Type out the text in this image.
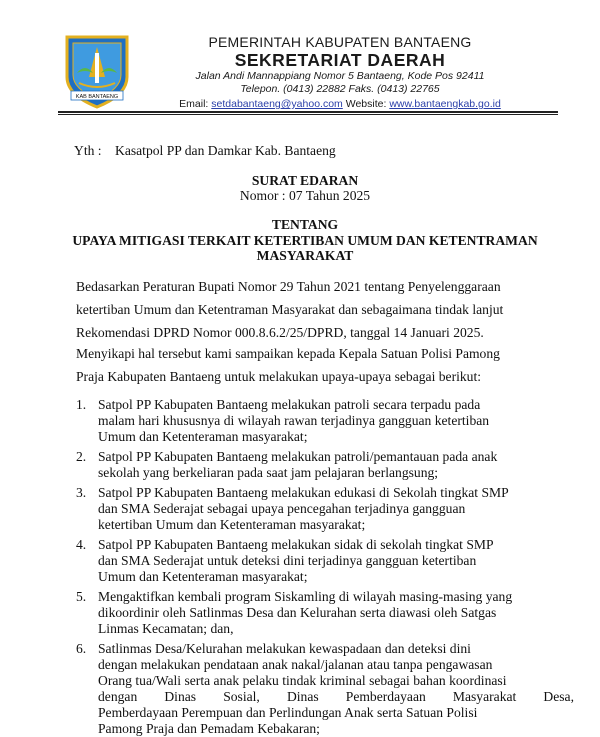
KAB BANTAENG
PEMERINTAH KABUPATEN BANTAENG
SEKRETARIAT DAERAH
Jalan Andi Mannappiang Nomor 5 Bantaeng, Kode Pos 92411
Telepon. (0413) 22882 Faks. (0413) 22765
Email: setdabantaeng@yahoo.com Website: www.bantaengkab.go.id
Yth : Kasatpol PP dan Damkar Kab. Bantaeng
SURAT EDARAN
Nomor : 07 Tahun 2025
TENTANG
UPAYA MITIGASI TERKAIT KETERTIBAN UMUM DAN KETENTRAMAN
MASYARAKAT
Bedasarkan Peraturan Bupati Nomor 29 Tahun 2021 tentang Penyelenggaraan
ketertiban Umum dan Ketentraman Masyarakat dan sebagaimana tindak lanjut
Rekomendasi DPRD Nomor 000.8.6.2/25/DPRD, tanggal 14 Januari 2025.
Menyikapi hal tersebut kami sampaikan kepada Kepala Satuan Polisi Pamong
Praja Kabupaten Bantaeng untuk melakukan upaya-upaya sebagai berikut:
1. Satpol PP Kabupaten Bantaeng melakukan patroli secara terpadu pada
malam hari khususnya di wilayah rawan terjadinya gangguan ketertiban
Umum dan Ketenteraman masyarakat;
2. Satpol PP Kabupaten Bantaeng melakukan patroli/pemantauan pada anak
sekolah yang berkeliaran pada saat jam pelajaran berlangsung;
3. Satpol PP Kabupaten Bantaeng melakukan edukasi di Sekolah tingkat SMP
dan SMA Sederajat sebagai upaya pencegahan terjadinya gangguan
ketertiban Umum dan Ketenteraman masyarakat;
4. Satpol PP Kabupaten Bantaeng melakukan sidak di sekolah tingkat SMP
dan SMA Sederajat untuk deteksi dini terjadinya gangguan ketertiban
Umum dan Ketenteraman masyarakat;
5. Mengaktifkan kembali program Siskamling di wilayah masing-masing yang
dikoordinir oleh Satlinmas Desa dan Kelurahan serta diawasi oleh Satgas
Linmas Kecamatan; dan,
6. Satlinmas Desa/Kelurahan melakukan kewaspadaan dan deteksi dini
dengan melakukan pendataan anak nakal/jalanan atau tanpa pengawasan
Orang tua/Wali serta anak pelaku tindak kriminal sebagai bahan koordinasi
dengan Dinas Sosial, Dinas Pemberdayaan Masyarakat Desa,
Pemberdayaan Perempuan dan Perlindungan Anak serta Satuan Polisi
Pamong Praja dan Pemadam Kebakaran;
